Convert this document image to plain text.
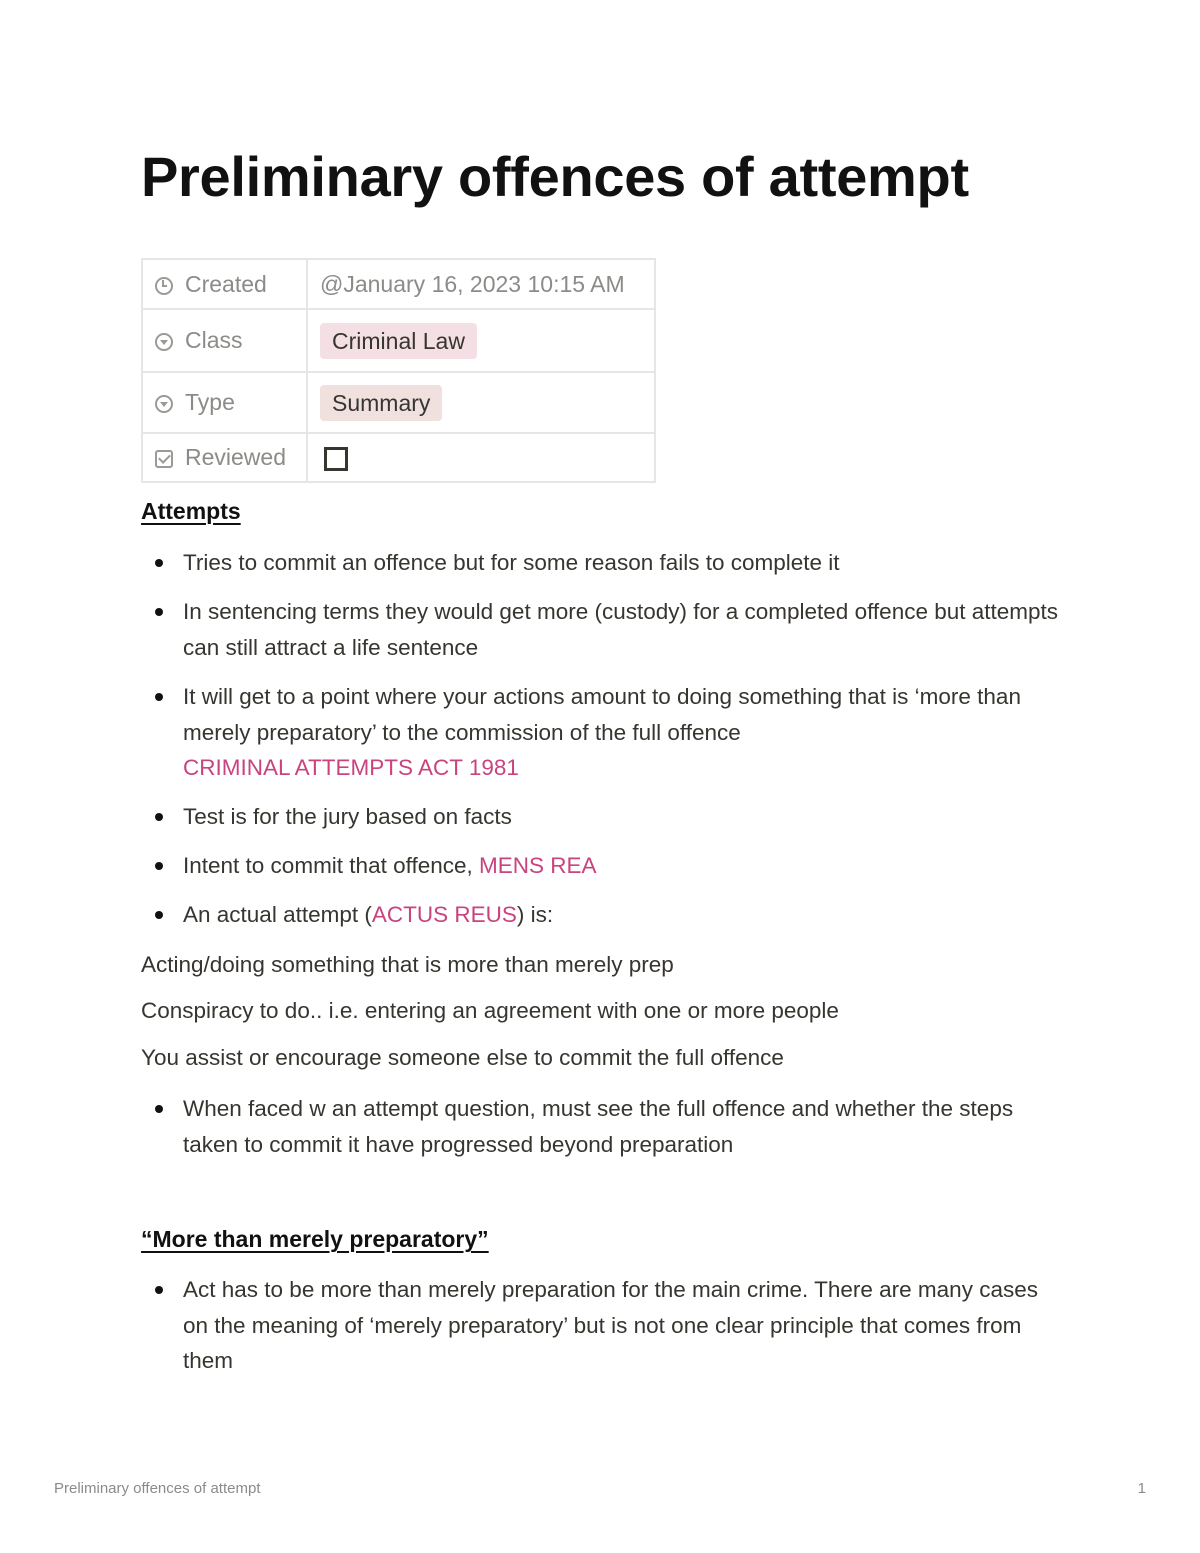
Preliminary offences of attempt
Created	@January 16, 2023 10:15 AM
Class	Criminal Law
Type	Summary
Reviewed	
Attempts
Tries to commit an offence but for some reason fails to complete it
In sentencing terms they would get more (custody) for a completed offence but attempts can still attract a life sentence
It will get to a point where your actions amount to doing something that is ‘more than merely preparatory’ to the commission of the full offence
CRIMINAL ATTEMPTS ACT 1981
Test is for the jury based on facts
Intent to commit that offence, MENS REA
An actual attempt (ACTUS REUS) is:
Acting/doing something that is more than merely prep
Conspiracy to do.. i.e. entering an agreement with one or more people
You assist or encourage someone else to commit the full offence
When faced w an attempt question, must see the full offence and whether the steps taken to commit it have progressed beyond preparation
“More than merely preparatory”
Act has to be more than merely preparation for the main crime. There are many cases on the meaning of ‘merely preparatory’ but is not one clear principle that comes from them
Preliminary offences of attempt	1
